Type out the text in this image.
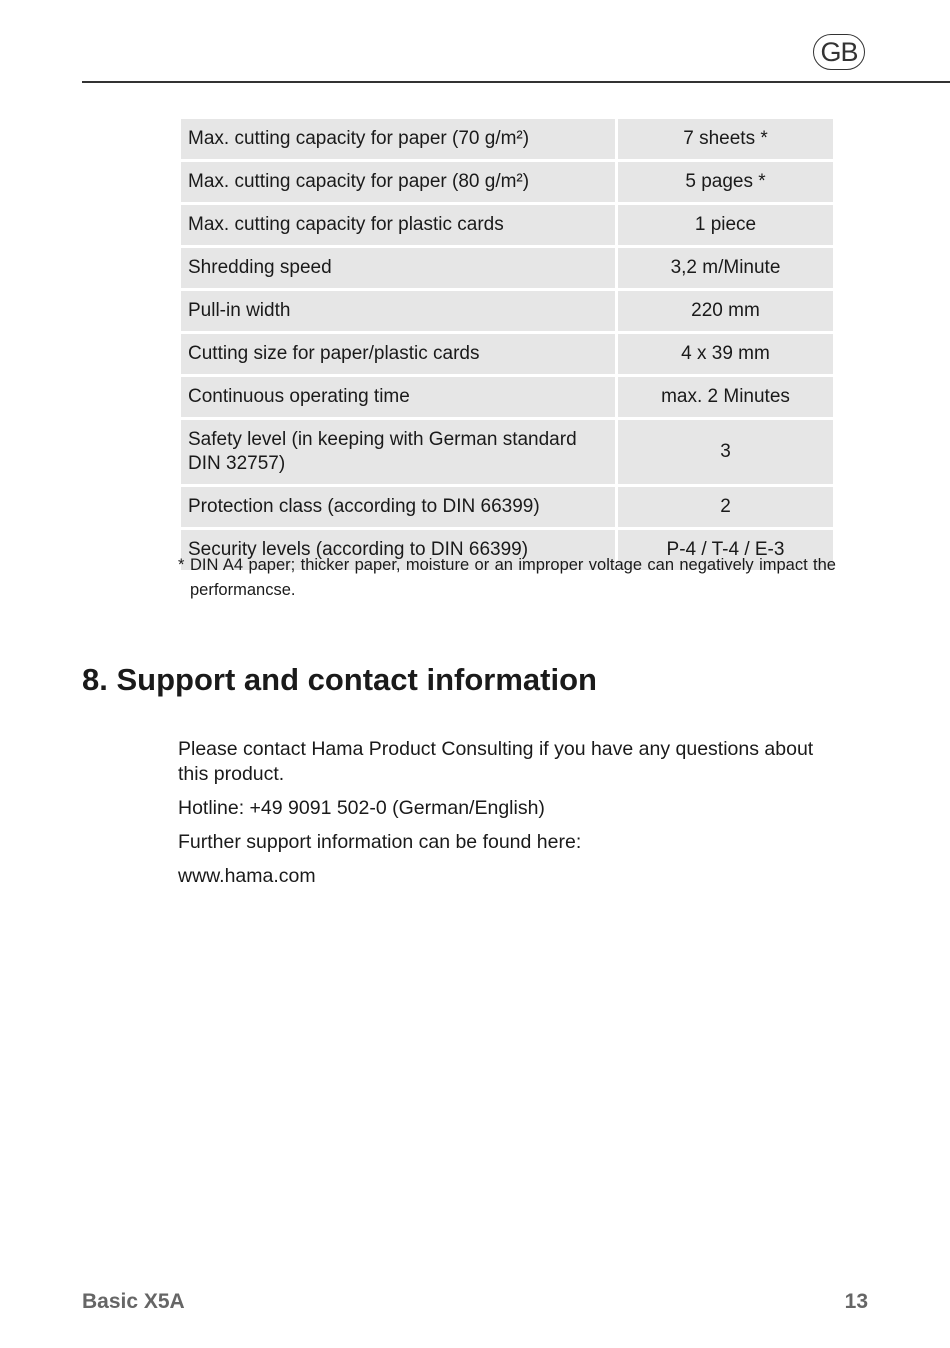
GB
Max. cutting capacity for paper (70 g/m²)	7 sheets *
Max. cutting capacity for paper (80 g/m²)	5 pages *
Max. cutting capacity for plastic cards	1 piece
Shredding speed	3,2 m/Minute
Pull-in width	220 mm
Cutting size for paper/plastic cards	4 x 39 mm
Continuous operating time	max. 2 Minutes
Safety level (in keeping with German standard DIN 32757)	3
Protection class (according to DIN 66399)	2
Security levels (according to DIN 66399)	P-4 / T-4 / E-3
* DIN A4 paper; thicker paper, moisture or an improper voltage can negatively impact the performancse.
8. Support and contact information

Please contact Hama Product Consulting if you have any questions about this product.

Hotline: +49 9091 502-0 (German/English)

Further support information can be found here:

www.hama.com

Basic X5A	13
